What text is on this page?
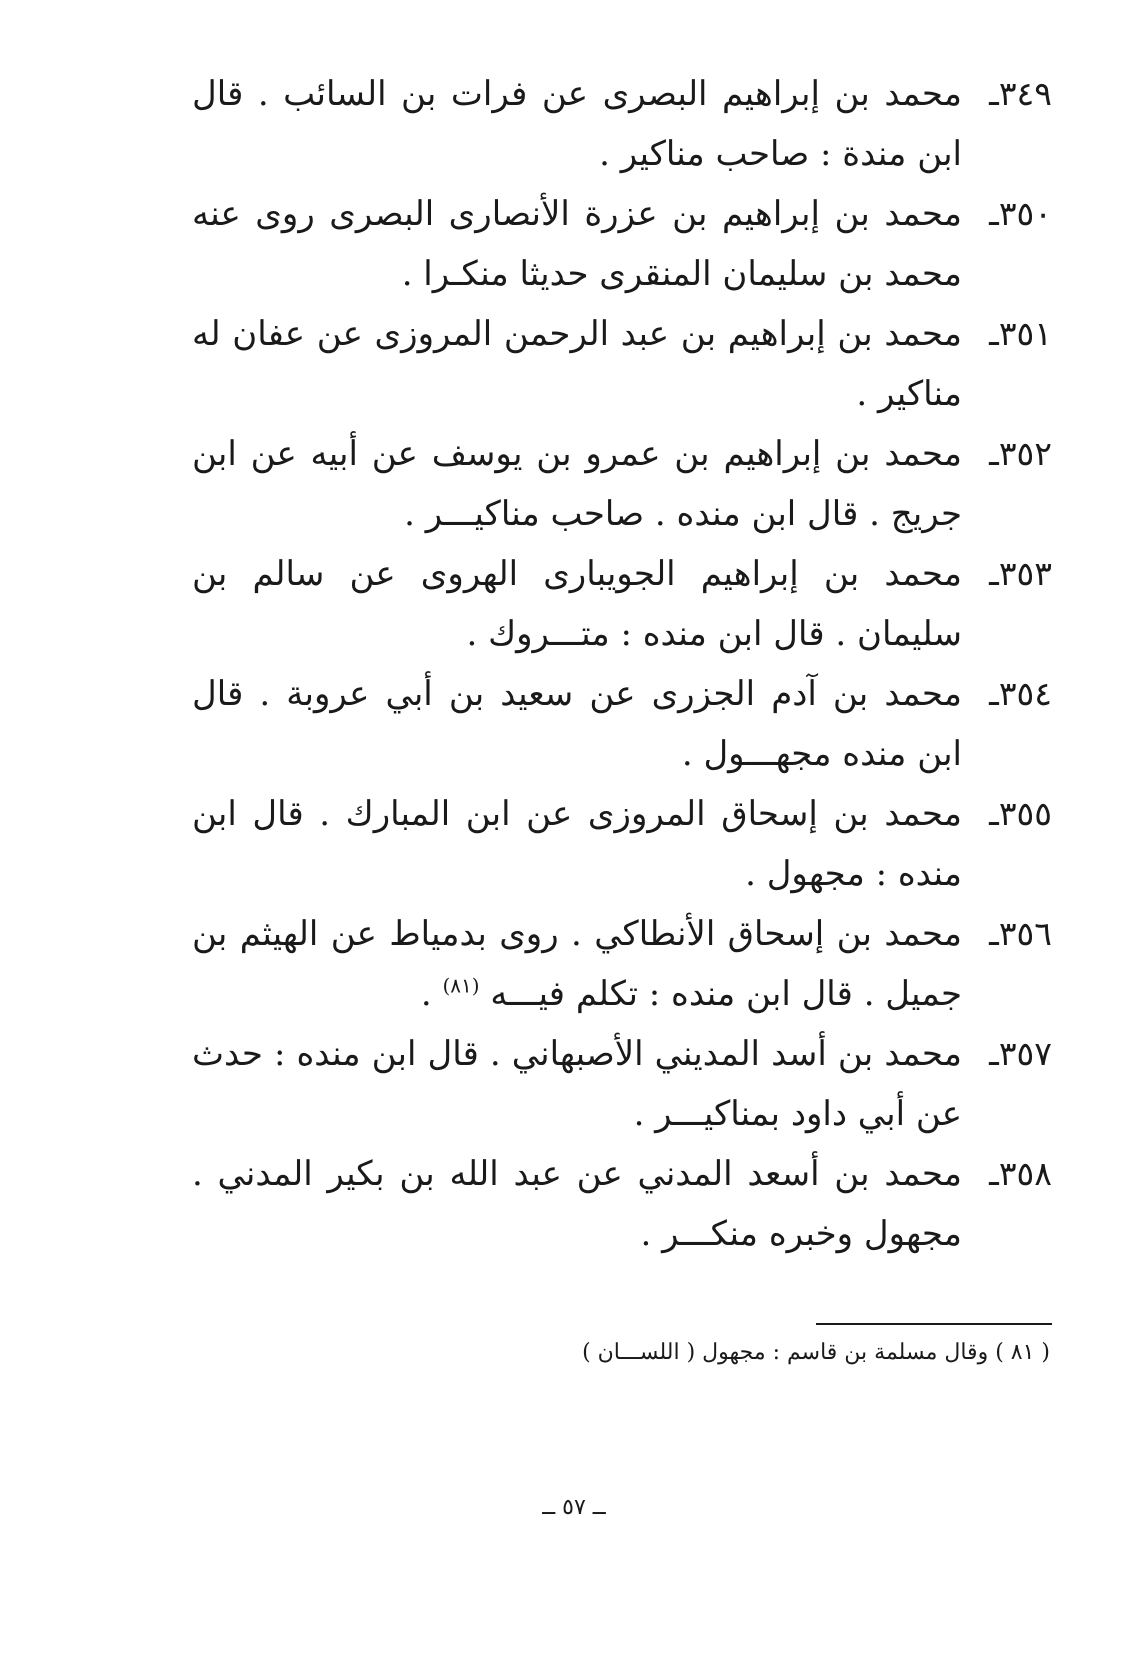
٣٤٩ـ
محمد بن إبراهيم البصرى عن فرات بن السائب . قال ابن مندة : صاحب مناكير .
٣٥٠ـ
محمد بن إبراهيم بن عزرة الأنصارى البصرى روى عنه محمد بن سليمان المنقرى حديثا منكـرا .
٣٥١ـ
محمد بن إبراهيم بن عبد الرحمن المروزى عن عفان له مناكير .
٣٥٢ـ
محمد بن إبراهيم بن عمرو بن يوسف عن أبيه عن ابن جريج . قال ابن منده . صاحب مناكيـــر .
٣٥٣ـ
محمد بن إبراهيم الجويبارى الهروى عن سالم بن سليمان . قال ابن منده : متـــروك .
٣٥٤ـ
محمد بن آدم الجزرى عن سعيد بن أبي عروبة . قال ابن منده مجهـــول .
٣٥٥ـ
محمد بن إسحاق المروزى عن ابن المبارك . قال ابن منده : مجهول .
٣٥٦ـ
محمد بن إسحاق الأنطاكي . روى بدمياط عن الهيثم بن جميل . قال ابن منده : تكلم فيـــه $^{(٨١)}$ .
٣٥٧ـ
محمد بن أسد المديني الأصبهاني . قال ابن منده : حدث عن أبي داود بمناكيـــر .
٣٥٨ـ
محمد بن أسعد المدني عن عبد الله بن بكير المدني . مجهول وخبره منكـــر .
( ٨١ ) وقال مسلمة بن قاسم : مجهول ( اللســـان )
ــ ٥٧ ــ
